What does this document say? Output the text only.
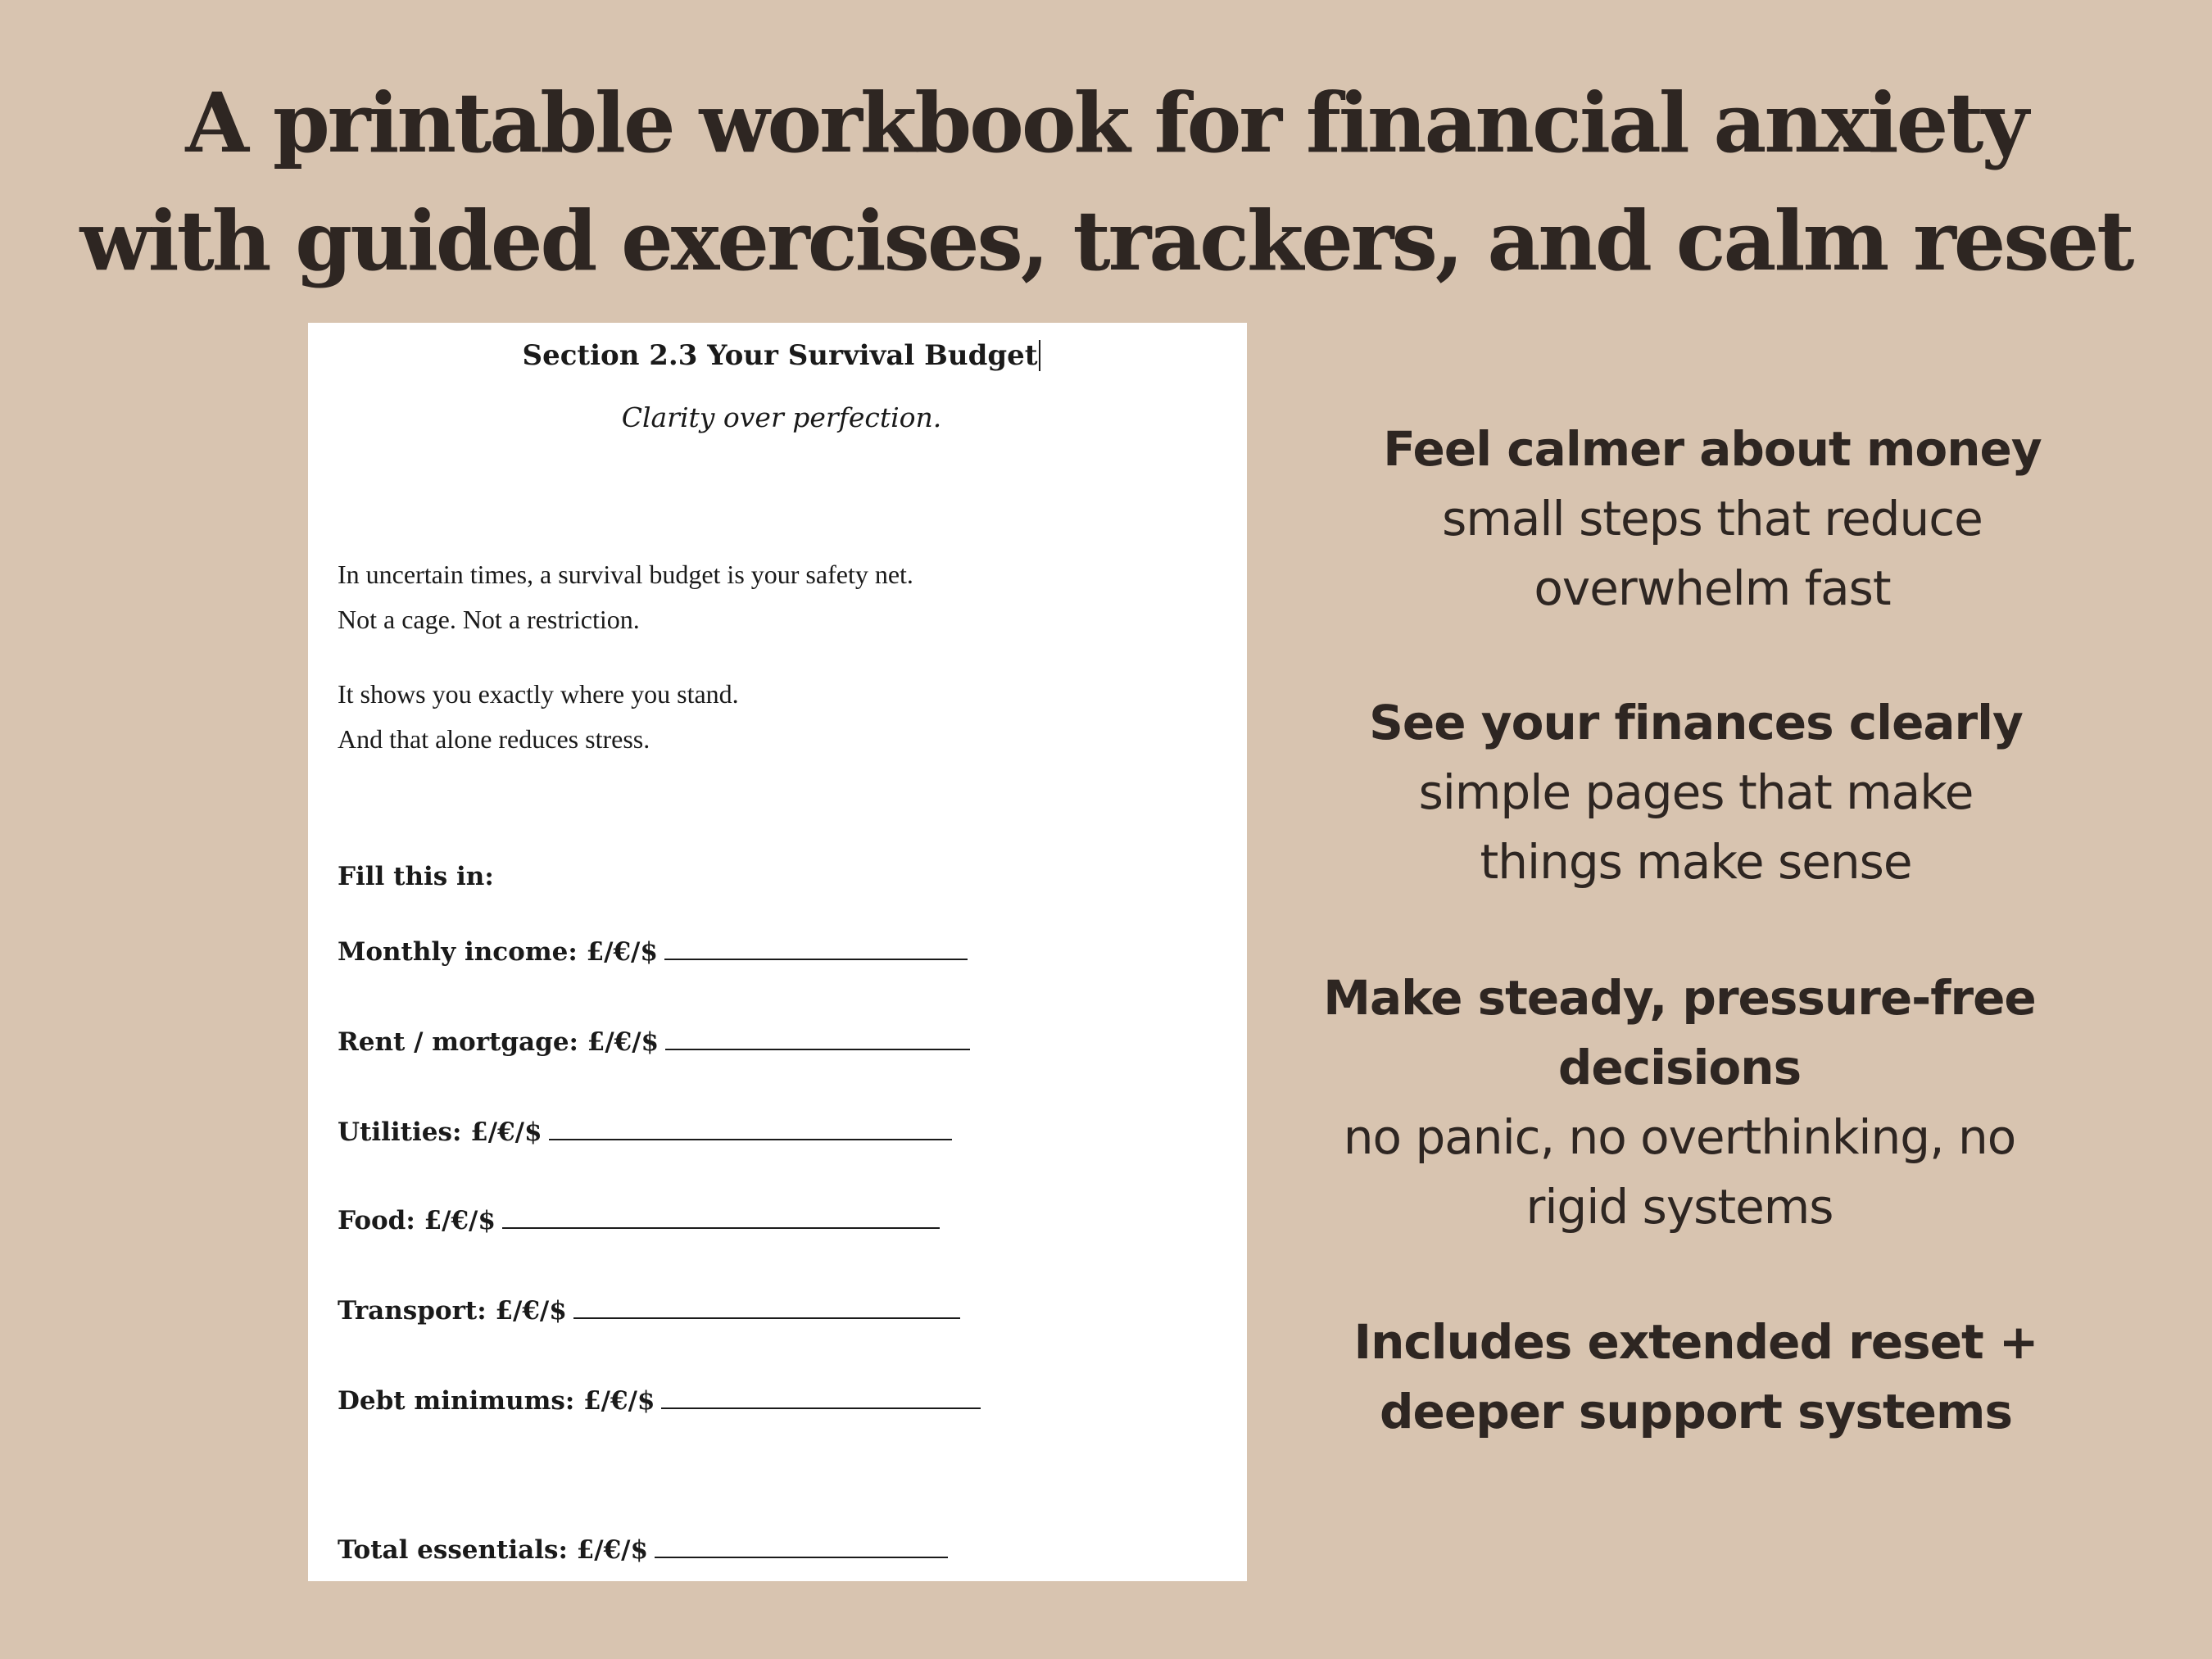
A printable workbook for financial anxiety
with guided exercises, trackers, and calm reset
Section 2.3 Your Survival Budget
Clarity over perfection.

In uncertain times, a survival budget is your safety net.
Not a cage. Not a restriction.

It shows you exactly where you stand.
And that alone reduces stress.

Fill this in:
Monthly income: £/€/$
Rent / mortgage: £/€/$
Utilities: £/€/$
Food: £/€/$
Transport: £/€/$
Debt minimums: £/€/$
Total essentials: £/€/$
Feel calmer about money
small steps that reduce
overwhelm fast
See your finances clearly
simple pages that make
things make sense
Make steady, pressure-free
decisions
no panic, no overthinking, no
rigid systems
Includes extended reset +
deeper support systems
